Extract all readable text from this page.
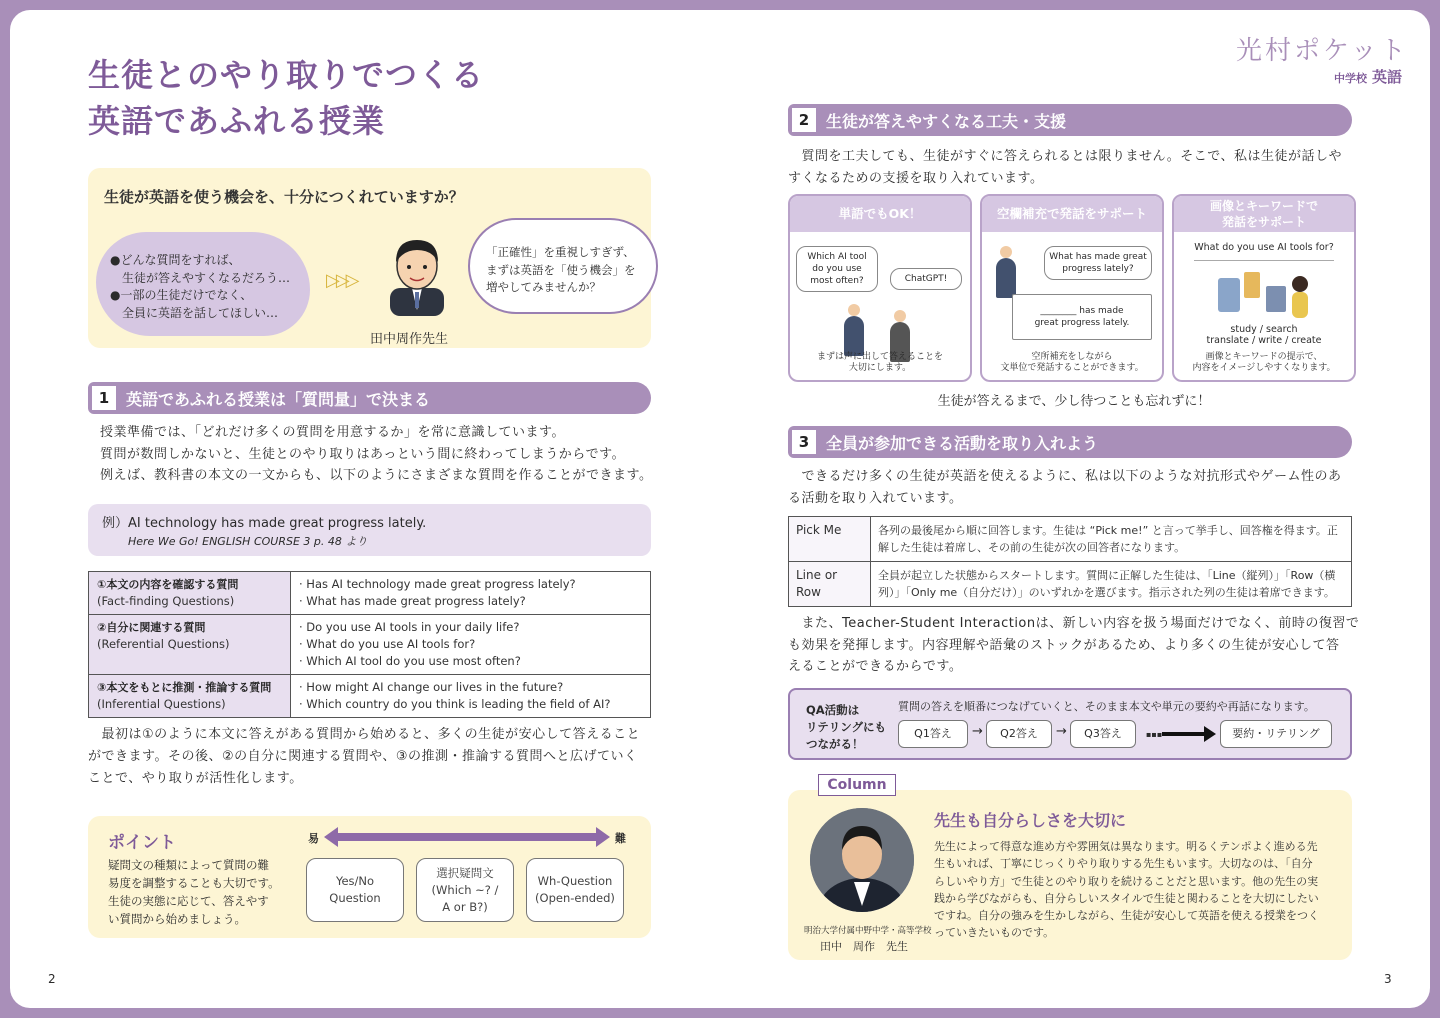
生徒とのやり取りでつくる
英語であふれる授業
生徒が英語を使う機会を、十分につくれていますか？
●どんな質問をすれば、
　生徒が答えやすくなるだろう…
●一部の生徒だけでなく、
　全員に英語を話してほしい…
▷▷▷
田中周作先生
「正確性」を重視しすぎず、
まずは英語を「使う機会」を
増やしてみませんか？
1	英語であふれる授業は「質問量」で決まる
授業準備では、「どれだけ多くの質問を用意するか」を常に意識しています。
質問が数問しかないと、生徒とのやり取りはあっという間に終わってしまうからです。
例えば、教科書の本文の一文からも、以下のようにさまざまな質問を作ることができます。
例）AI technology has made great progress lately.
Here We Go! ENGLISH COURSE 3 p. 48 より
①本文の内容を確認する質問
(Fact-finding Questions)	· Has AI technology made great progress lately?
· What has made great progress lately?

②自分に関連する質問
(Referential Questions)	· Do you use AI tools in your daily life?
· What do you use AI tools for?
· Which AI tool do you use most often?

③本文をもとに推測・推論する質問
(Inferential Questions)	· How might AI change our lives in the future?
· Which country do you think is leading the field of AI?
　最初は①のように本文に答えがある質問から始めると、多くの生徒が安心して答えること
ができます。その後、②の自分に関連する質問や、③の推測・推論する質問へと広げていく
ことで、やり取りが活性化します。
ポイント
疑問文の種類によって質問の難
易度を調整することも大切です。
生徒の実態に応じて、答えやす
い質問から始めましょう。
易	難
Yes/No
Question
選択疑問文
(Which ~? /
A or B?)
Wh-Question
(Open-ended)
2
光村ポケット
中学校 英語
2	生徒が答えやすくなる工夫・支援
　質問を工夫しても、生徒がすぐに答えられるとは限りません。そこで、私は生徒が話しや
すくなるための支援を取り入れています。
単語でもOK！
Which AI tool
do you use
most often?	ChatGPT!
まずは声に出して答えることを
大切にします。
空欄補充で発話をサポート
What has made great
progress lately?
________ has made
great progress lately.
空所補充をしながら
文単位で発話することができます。
画像とキーワードで
発話をサポート
What do you use AI tools for?
study / search
translate / write / create
画像とキーワードの提示で、
内容をイメージしやすくなります。
生徒が答えるまで、少し待つことも忘れずに！
3	全員が参加できる活動を取り入れよう
　できるだけ多くの生徒が英語を使えるように、私は以下のような対抗形式やゲーム性のあ
る活動を取り入れています。
Pick Me	各列の最後尾から順に回答します。生徒は “Pick me!” と言って挙手し、回答権を得ます。正
解した生徒は着席し、その前の生徒が次の回答者になります。

Line or Row	全員が起立した状態からスタートします。質問に正解した生徒は、「Line（縦列）」「Row（横
列）」「Only me（自分だけ）」のいずれかを選びます。指示された列の生徒は着席できます。
　また、Teacher-Student Interactionは、新しい内容を扱う場面だけでなく、前時の復習で
も効果を発揮します。内容理解や語彙のストックがあるため、より多くの生徒が安心して答
えることができるからです。
QA活動は
リテリングにも
つながる！
質問の答えを順番につなげていくと、そのまま本文や単元の要約や再話になります。
Q1答え	→	Q2答え	→	Q3答え	▪▪▪	要約・リテリング
先生も自分らしさを大切に
先生によって得意な進め方や雰囲気は異なります。明るくテンポよく進める先
生もいれば、丁寧にじっくりやり取りする先生もいます。大切なのは、「自分
らしいやり方」で生徒とのやり取りを続けることだと思います。他の先生の実
践から学びながらも、自分らしいスタイルで生徒と関わることを大切にしたい
ですね。自分の強みを生かしながら、生徒が安心して英語を使える授業をつく
っていきたいものです。
明治大学付属中野中学・高等学校
田中　周作　先生
Column
3
